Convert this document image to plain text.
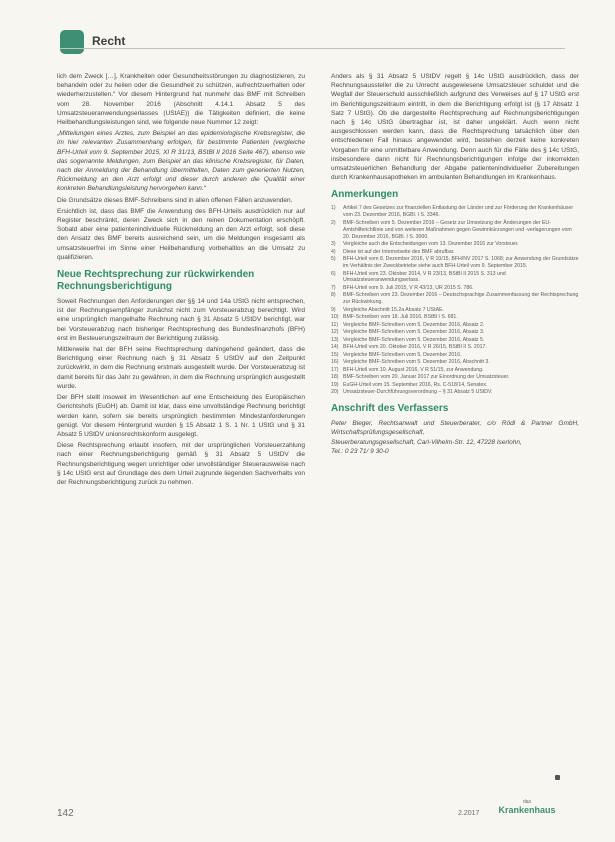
Recht

lich dem Zweck […], Krankheiten oder Gesundheitsstörungen zu diagnostizieren, zu behandeln oder zu heilen oder die Gesundheit zu schützen, aufrechtzuerhalten oder wiederherzustellen.“ Vor diesem Hintergrund hat nunmehr das BMF mit Schreiben vom 28. November 2016 (Abschnitt 4.14.1 Absatz 5 des Umsatzsteueranwendungserlasses (UStAE)) die Tätigkeiten definiert, die keine Heilbehandlungsleistungen sind, wie folgende neue Nummer 12 zeigt:

„Mitteilungen eines Arztes, zum Beispiel an das epidemiologische Krebsregister, die im hier relevanten Zusammenhang erfolgen, für bestimmte Patienten (vergleiche BFH-Urteil vom 9. September 2015, XI R 31/13, BStBl II 2016 Seite 467), ebenso wie das sogenannte Meldungen, zum Beispiel an das klinische Krebsregister, für Daten, nach der Anmeldung der Behandlung übermittelten, Daten zum generierten Nutzen, Rückmeldung an den Arzt erfolgt und dieser durch anderen die Qualität einer konkreten Behandlungsleistung hervorgehen kann.“

Die Grundsätze dieses BMF-Schreibens sind in allen offenen Fällen anzuwenden.

Ersichtlich ist, dass das BMF die Anwendung des BFH-Urteils ausdrücklich nur auf Register beschränkt, deren Zweck sich in den reinen Dokumentation erschöpft. Sobald aber eine patientenindividuelle Rückmeldung an den Arzt erfolgt, soll diese den Ansatz des BMF bereits ausreichend sein, um die Meldungen insgesamt als umsatzsteuerfrei im Sinne einer Heilbehandlung vorbehaltlos an die Umsatz zu qualifizieren.

Neue Rechtsprechung zur rückwirkenden Rechnungsberichtigung

Soweit Rechnungen den Anforderungen der §§ 14 und 14a UStG nicht entsprechen, ist der Rechnungsempfänger zunächst nicht zum Vorsteuerabzug berechtigt. Wird eine ursprünglich mangelhafte Rechnung nach § 31 Absatz 5 UStDV berichtigt, war bei Vorsteuerabzug nach bisheriger Rechtsprechung des Bundesfinanzhofs (BFH) erst im Besteuerungszeitraum der Berichtigung zulässig.

Mittlerweile hat der BFH seine Rechtsprechung dahingehend geändert, dass die Berichtigung einer Rechnung nach § 31 Absatz 5 UStDV auf den Zeitpunkt zurückwirkt, in dem die Rechnung erstmals ausgestellt wurde. Der Vorsteuerabzug ist damit bereits für das Jahr zu gewähren, in dem die Rechnung ursprünglich ausgestellt wurde.

Der BFH stellt insoweit im Wesentlichen auf eine Entscheidung des Europäischen Gerichtshofs (EuGH) ab. Damit ist klar, dass eine unvollständige Rechnung berichtigt werden kann, sofern sie bereits ursprünglich bestimmten Mindestanforderungen genügt. Vor diesem Hintergrund wurden § 15 Absatz 1 S. 1 Nr. 1 UStG und § 31 Absatz 5 UStDV unionsrechtskonform ausgelegt.

Diese Rechtsprechung erlaubt insofern, mit der ursprünglichen Vorsteuerzahlung nach einer Rechnungsberichtigung gemäß § 31 Absatz 5 UStDV die Rechnungsberichtigung wegen unrichtiger oder unvollständiger Steuerausweise nach § 14c UStG erst auf Grundlage des dem Urteil zugrunde liegenden Sachverhalts von der Rechnungsberichtigung zurück zu nehmen.

Anders als § 31 Absatz 5 UStDV regelt § 14c UStG ausdrücklich, dass der Rechnungsaussteller die zu Unrecht ausgewiesene Umsatzsteuer schuldet und die Wegfall der Steuerschuld ausschließlich aufgrund des Verweises auf § 17 UStG erst im Berichtigungszeitraum eintritt, in dem die Berichtigung erfolgt ist (§ 17 Absatz 1 Satz 7 UStG). Ob die dargestellte Rechtsprechung auf Rechnungsberichtigungen nach § 14c UStG übertragbar ist, ist daher ungeklärt. Auch wenn nicht ausgeschlossen werden kann, dass die Rechtsprechung tatsächlich über den entschiedenen Fall hinaus angewendet wird, bestehen derzeit keine konkreten Vorgaben für eine unmittelbare Anwendung. Denn auch für die Fälle des § 14c UStG, insbesondere dann nicht für Rechnungsberichtigungen infolge der inkorrekten umsatzsteuerlichen Behandlung der Abgabe patientenindividueller Zubereitungen durch Krankenhausapotheken im ambulanten Behandlungen im Krankenhaus.

Anmerkungen
1)	Artikel 7 des Gesetzes zur finanziellen Entlastung der Länder und zur Förderung der Krankenhäuser vom 23. Dezember 2016, BGBl. I S. 3346.
2)	BMF-Schreiben vom 5. Dezember 2016 – Gesetz zur Umsetzung der Änderungen der EU-Amtshilferichtlinie und von weiteren Maßnahmen gegen Gewinnkürzungen und -verlagerungen vom 20. Dezember 2016, BGBl. I S. 3000.
3)	Vergleiche auch die Entscheidungen vom 13. Dezember 2016 zur Vorsteuer.
4)	Diese ist auf der Internetseite des BMF abrufbar.
5)	BFH-Urteil vom 8. Dezember 2016, V R 10/15, BFH/NV 2017 S. 1068; zur Anwendung der Grundsätze im Verhältnis der Zweckbetriebe siehe auch BFH-Urteil vom 9. September 2015.
6)	BFH-Urteil vom 23. Oktober 2014, V R 23/13, BStBl II 2015 S. 313 und Umsatzsteueranwendungserlass.
7)	BFH-Urteil vom 9. Juli 2015, V R 43/13, UR 2015 S. 786.
8)	BMF-Schreiben vom 23. Dezember 2016 – Deutschsprachige Zusammenfassung der Rechtsprechung zur Rückwirkung.
9)	Vergleiche Abschnitt 15.2a Absatz 7 UStAE.
10) BMF-Schreiben vom 18. Juli 2016, BStBl I S. 681.
11) Vergleiche BMF-Schreiben vom 5. Dezember 2016, Absatz 2.
12) Vergleiche BMF-Schreiben vom 5. Dezember 2016, Absatz 3.
13) Vergleiche BMF-Schreiben vom 5. Dezember 2016, Absatz 5.
14) BFH-Urteil vom 20. Oktober 2016, V R 26/15, BStBl II S. 2017.
15) Vergleiche BMF-Schreiben vom 5. Dezember 2016.
16) Vergleiche BMF-Schreiben vom 5. Dezember 2016, Abschnitt 3.
17) BFH-Urteil vom 10. August 2016, V R 51/15, zur Anwendung.
18) BMF-Schreiben vom 20. Januar 2017 zur Einordnung der Umsatzsteuer.
19) EuGH-Urteil vom 15. September 2016, Rs. C-518/14, Senatex.
20) Umsatzsteuer-Durchführungsverordnung – § 31 Absatz 5 UStDV.
Anschrift des Verfassers

Peter Bieger, Rechtsanwalt und Steuerberater, c/o Rödl & Partner GmbH, Wirtschaftsprüfungsgesellschaft,

Steuerberatungsgesellschaft, Carl-Vilhelm-Str. 12, 47228 Iserlohn,

Tel.: 0 23 71/ 9 30-0

142	2.2017
das
Krankenhaus
